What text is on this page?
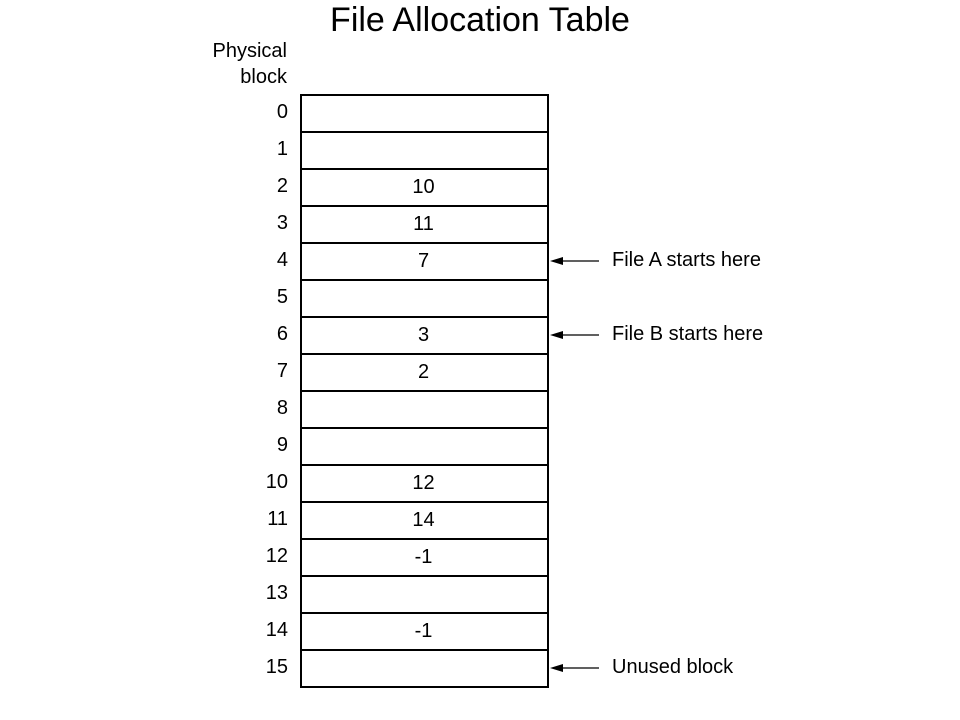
File Allocation Table
Physical
block
0
1
2
3
4
5
6
7
8
9
10
11
12
13
14
15
10
11
7
3
2
12
14
-1
-1
File A starts here
File B starts here
Unused block
